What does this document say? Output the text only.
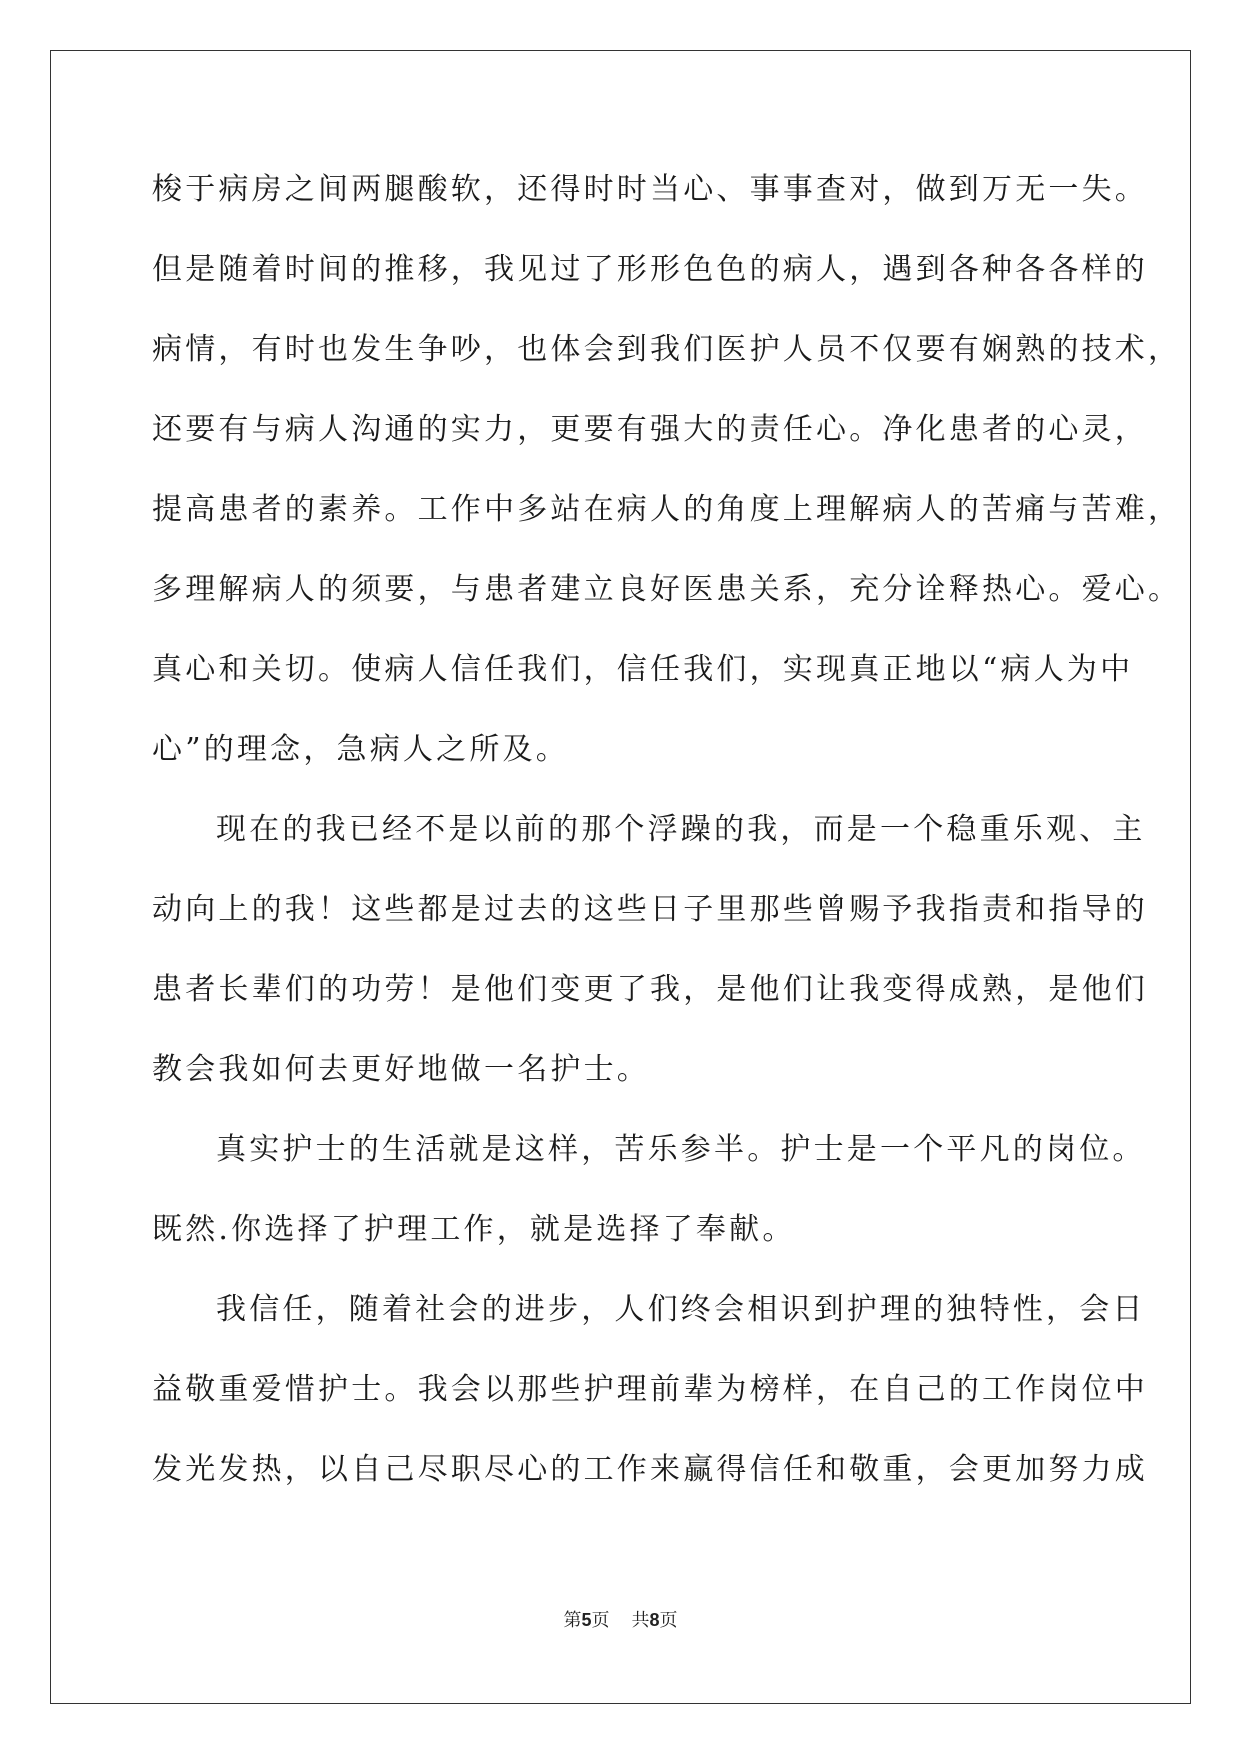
梭于病房之间两腿酸软，还得时时当心、事事查对，做到万无一失。
但是随着时间的推移，我见过了形形色色的病人，遇到各种各各样的
病情，有时也发生争吵，也体会到我们医护人员不仅要有娴熟的技术，
还要有与病人沟通的实力，更要有强大的责任心。净化患者的心灵，
提高患者的素养。工作中多站在病人的角度上理解病人的苦痛与苦难，
多理解病人的须要，与患者建立良好医患关系，充分诠释热心。爱心。
真心和关切。使病人信任我们，信任我们，实现真正地以“病人为中
心”的理念，急病人之所及。
现在的我已经不是以前的那个浮躁的我，而是一个稳重乐观、主
动向上的我！这些都是过去的这些日子里那些曾赐予我指责和指导的
患者长辈们的功劳！是他们变更了我，是他们让我变得成熟，是他们
教会我如何去更好地做一名护士。
真实护士的生活就是这样，苦乐参半。护士是一个平凡的岗位。
既然.你选择了护理工作，就是选择了奉献。
我信任，随着社会的进步，人们终会相识到护理的独特性，会日
益敬重爱惜护士。我会以那些护理前辈为榜样，在自己的工作岗位中
发光发热，以自己尽职尽心的工作来赢得信任和敬重，会更加努力成
第5页 共8页
